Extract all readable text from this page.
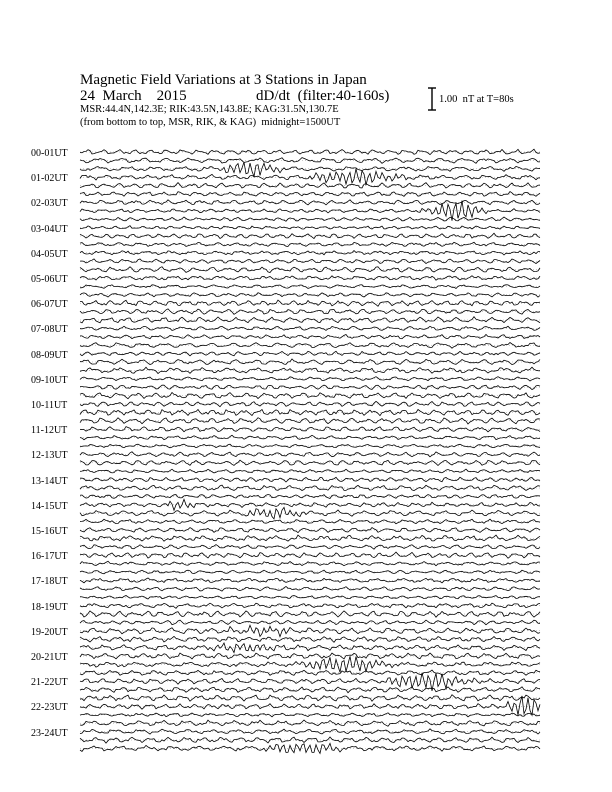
Magnetic Field Variations at 3 Stations in Japan
24  March    2015	dD/dt  (filter:40-160s)
MSR:44.4N,142.3E; RIK:43.5N,143.8E; KAG:31.5N,130.7E
(from bottom to top, MSR, RIK, & KAG)  midnight=1500UT
1.00  nT at T=80s
00-01UT
01-02UT
02-03UT
03-04UT
04-05UT
05-06UT
06-07UT
07-08UT
08-09UT
09-10UT
10-11UT
11-12UT
12-13UT
13-14UT
14-15UT
15-16UT
16-17UT
17-18UT
18-19UT
19-20UT
20-21UT
21-22UT
22-23UT
23-24UT
